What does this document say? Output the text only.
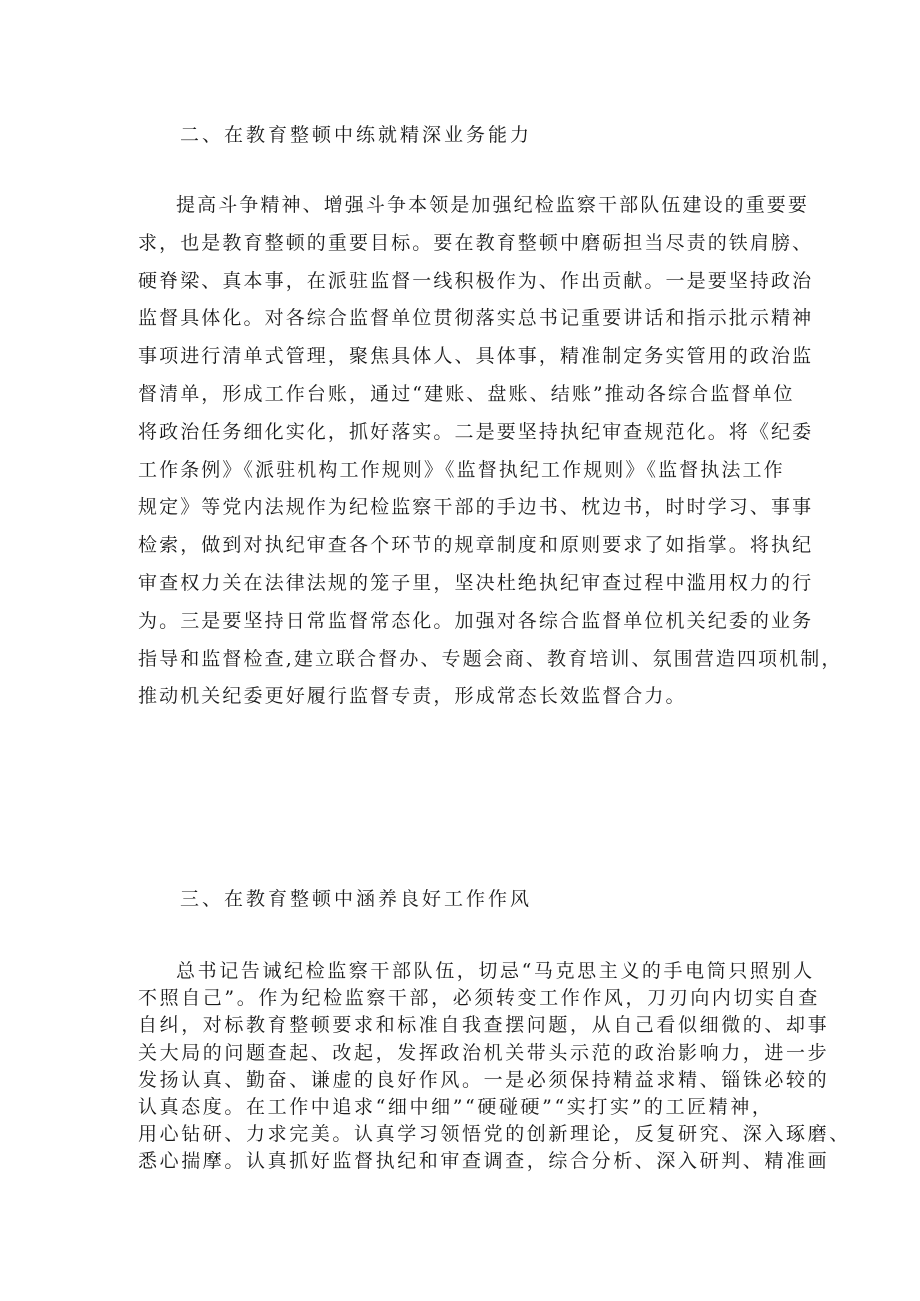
二、在教育整顿中练就精深业务能力
提高斗争精神、增强斗争本领是加强纪检监察干部队伍建设的重要要
求，也是教育整顿的重要目标。要在教育整顿中磨砺担当尽责的铁肩膀、
硬脊梁、真本事，在派驻监督一线积极作为、作出贡献。一是要坚持政治
监督具体化。对各综合监督单位贯彻落实总书记重要讲话和指示批示精神
事项进行清单式管理，聚焦具体人、具体事，精准制定务实管用的政治监
督清单，形成工作台账，通过“建账、盘账、结账”推动各综合监督单位
将政治任务细化实化，抓好落实。二是要坚持执纪审查规范化。将《纪委
工作条例》《派驻机构工作规则》《监督执纪工作规则》《监督执法工作
规定》等党内法规作为纪检监察干部的手边书、枕边书，时时学习、事事
检索，做到对执纪审查各个环节的规章制度和原则要求了如指掌。将执纪
审查权力关在法律法规的笼子里，坚决杜绝执纪审查过程中滥用权力的行
为。三是要坚持日常监督常态化。加强对各综合监督单位机关纪委的业务
指导和监督检查,建立联合督办、专题会商、教育培训、氛围营造四项机制，
推动机关纪委更好履行监督专责，形成常态长效监督合力。
三、在教育整顿中涵养良好工作作风
总书记告诫纪检监察干部队伍，切忌“马克思主义的手电筒只照别人
不照自己”。作为纪检监察干部，必须转变工作作风，刀刃向内切实自查
自纠，对标教育整顿要求和标准自我查摆问题，从自己看似细微的、却事
关大局的问题查起、改起，发挥政治机关带头示范的政治影响力，进一步
发扬认真、勤奋、谦虚的良好作风。一是必须保持精益求精、锱铢必较的
认真态度。在工作中追求“细中细”“硬碰硬”“实打实”的工匠精神，
用心钻研、力求完美。认真学习领悟党的创新理论，反复研究、深入琢磨、
悉心揣摩。认真抓好监督执纪和审查调查，综合分析、深入研判、精准画
